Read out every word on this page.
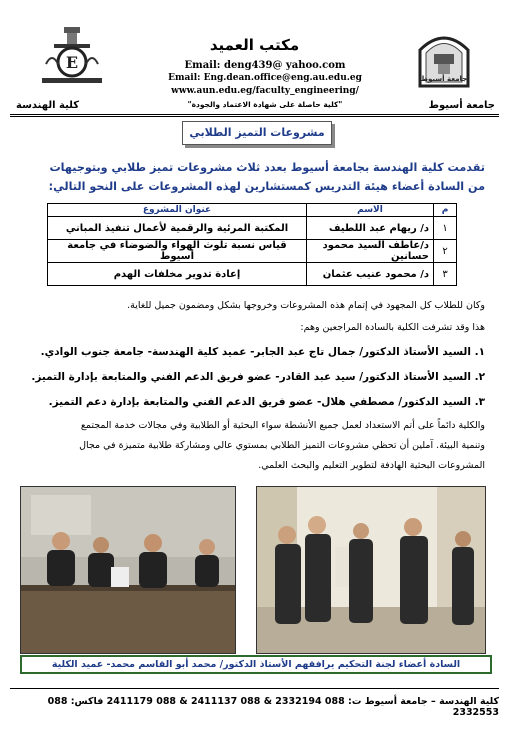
مكتب العميد
Email: deng439@ yahoo.com
Email: Eng.dean.office@eng.au.edu.eg
www.aun.edu.eg/faculty_engineering/
"كلية حاصلة على شهادة الاعتماد والجودة"
E
كلية الهندسة
جامعة أسيوط
جامعة أسيوط
مشروعات التميز الطلابي
تقدمت كلية الهندسة بجامعة أسيوط بعدد ثلاث مشروعات تميز طلابي وبتوجيهات
من السادة أعضاء هيئة التدريس كمستشارين لهذه المشروعات على النحو التالي:
م	الاسم	عنوان المشروع
١	د/ ريهام عبد اللطيف	المكتبة المرئية والرقمية لأعمال تنفيذ المباني
٢	د/عاطف السيد محمود حسانين	قياس نسبة تلوث الهواء والضوضاء في جامعة أسيوط
٣	د/ محمود عنيب عثمان	إعادة تدوير مخلفات الهدم
وكان للطلاب كل المجهود في إتمام هذه المشروعات وخروجها بشكل ومضمون جميل للغاية.
هذا وقد تشرفت الكلية بالسادة المراجعين وهم:
١. السيد الأستاذ الدكتور/ جمال تاج عبد الجابر- عميد كلية الهندسة- جامعة جنوب الوادي.
٢. السيد الأستاذ الدكتور/ سيد عبد القادر- عضو فريق الدعم الفني والمتابعة بإدارة التميز.
٣. السيد الدكتور/ مصطفي هلال- عضو فريق الدعم الفني والمتابعة بإدارة دعم التميز.
والكلية دائماً على أتم الاستعداد لعمل جميع الأنشطة سواء البحثية أو الطلابية وفي مجالات خدمة المجتمع
وتنمية البيئة. آملين أن تحظي مشروعات التميز الطلابي بمستوي عالي ومشاركة طلابية متميزة في مجال
المشروعات البحثية الهادفة لتطوير التعليم والبحث العلمي.
السادة أعضاء لجنة التحكيم يرافقهم الأستاذ الدكتور/ محمد أبو القاسم محمد- عميد الكلية
كلية الهندسة – جامعة أسيوط ت: 088 2332194 & 088 2411137 & 088 2411179 فاكس: 088 2332553
